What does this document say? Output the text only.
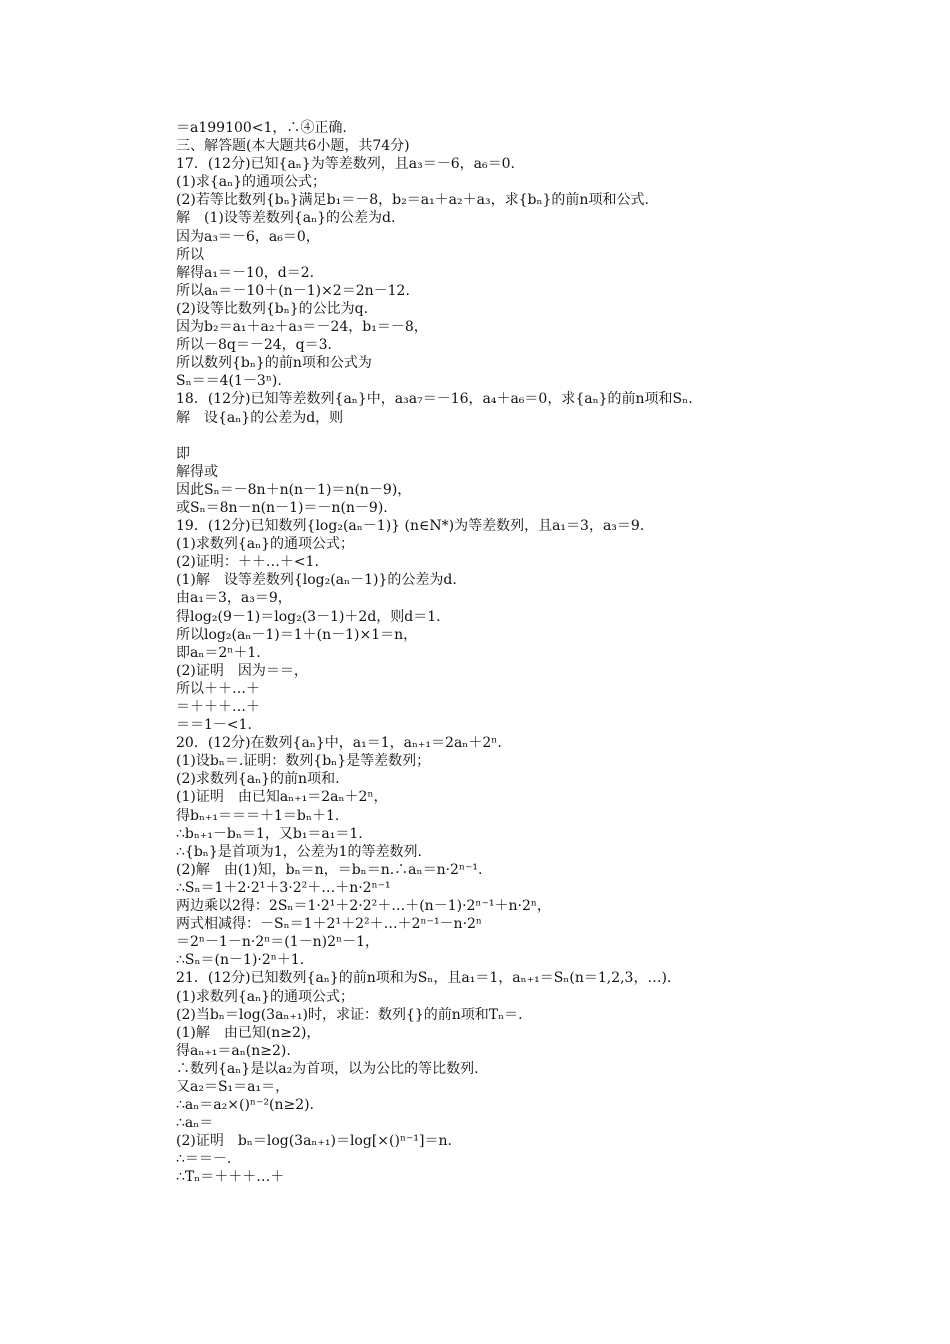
＝a199100<1，∴④正确.
三、解答题(本大题共6小题，共74分)
17．(12分)已知{aₙ}为等差数列，且a₃＝－6，a₆＝0.
(1)求{aₙ}的通项公式；
(2)若等比数列{bₙ}满足b₁＝－8，b₂＝a₁＋a₂＋a₃，求{bₙ}的前n项和公式.
解　(1)设等差数列{aₙ}的公差为d.
因为a₃＝－6，a₆＝0，
所以
解得a₁＝－10，d＝2.
所以aₙ＝－10＋(n－1)×2＝2n－12.
(2)设等比数列{bₙ}的公比为q.
因为b₂＝a₁＋a₂＋a₃＝－24，b₁＝－8，
所以－8q＝－24，q＝3.
所以数列{bₙ}的前n项和公式为
Sₙ＝＝4(1－3ⁿ).
18．(12分)已知等差数列{aₙ}中，a₃a₇＝－16，a₄＋a₆＝0，求{aₙ}的前n项和Sₙ.
解　设{aₙ}的公差为d，则
即
解得或
因此Sₙ＝－8n＋n(n－1)＝n(n－9)，
或Sₙ＝8n－n(n－1)＝－n(n－9).
19．(12分)已知数列{log₂(aₙ－1)} (n∈N*)为等差数列，且a₁＝3，a₃＝9.
(1)求数列{aₙ}的通项公式；
(2)证明：＋＋…＋<1.
(1)解　设等差数列{log₂(aₙ－1)}的公差为d.
由a₁＝3，a₃＝9，
得log₂(9－1)＝log₂(3－1)＋2d，则d＝1.
所以log₂(aₙ－1)＝1＋(n－1)×1＝n，
即aₙ＝2ⁿ＋1.
(2)证明　因为＝＝，
所以＋＋…＋
＝＋＋＋…＋
＝＝1－<1.
20．(12分)在数列{aₙ}中，a₁＝1，aₙ₊₁＝2aₙ＋2ⁿ.
(1)设bₙ＝.证明：数列{bₙ}是等差数列；
(2)求数列{aₙ}的前n项和.
(1)证明　由已知aₙ₊₁＝2aₙ＋2ⁿ，
得bₙ₊₁＝＝＝＋1＝bₙ＋1.
∴bₙ₊₁－bₙ＝1，又b₁＝a₁＝1.
∴{bₙ}是首项为1，公差为1的等差数列.
(2)解　由(1)知，bₙ＝n，＝bₙ＝n.∴aₙ＝n·2ⁿ⁻¹.
∴Sₙ＝1＋2·2¹＋3·2²＋…＋n·2ⁿ⁻¹
两边乘以2得：2Sₙ＝1·2¹＋2·2²＋…＋(n－1)·2ⁿ⁻¹＋n·2ⁿ，
两式相减得：－Sₙ＝1＋2¹＋2²＋…＋2ⁿ⁻¹－n·2ⁿ
＝2ⁿ－1－n·2ⁿ＝(1－n)2ⁿ－1，
∴Sₙ＝(n－1)·2ⁿ＋1.
21．(12分)已知数列{aₙ}的前n项和为Sₙ，且a₁＝1，aₙ₊₁＝Sₙ(n＝1,2,3，…).
(1)求数列{aₙ}的通项公式；
(2)当bₙ＝log(3aₙ₊₁)时，求证：数列{}的前n项和Tₙ＝.
(1)解　由已知(n≥2)，
得aₙ₊₁＝aₙ(n≥2).
∴数列{aₙ}是以a₂为首项，以为公比的等比数列.
又a₂＝S₁＝a₁＝，
∴aₙ＝a₂×()ⁿ⁻²(n≥2).
∴aₙ＝
(2)证明　bₙ＝log(3aₙ₊₁)＝log[×()ⁿ⁻¹]＝n.
∴＝＝－.
∴Tₙ＝＋＋＋…＋
